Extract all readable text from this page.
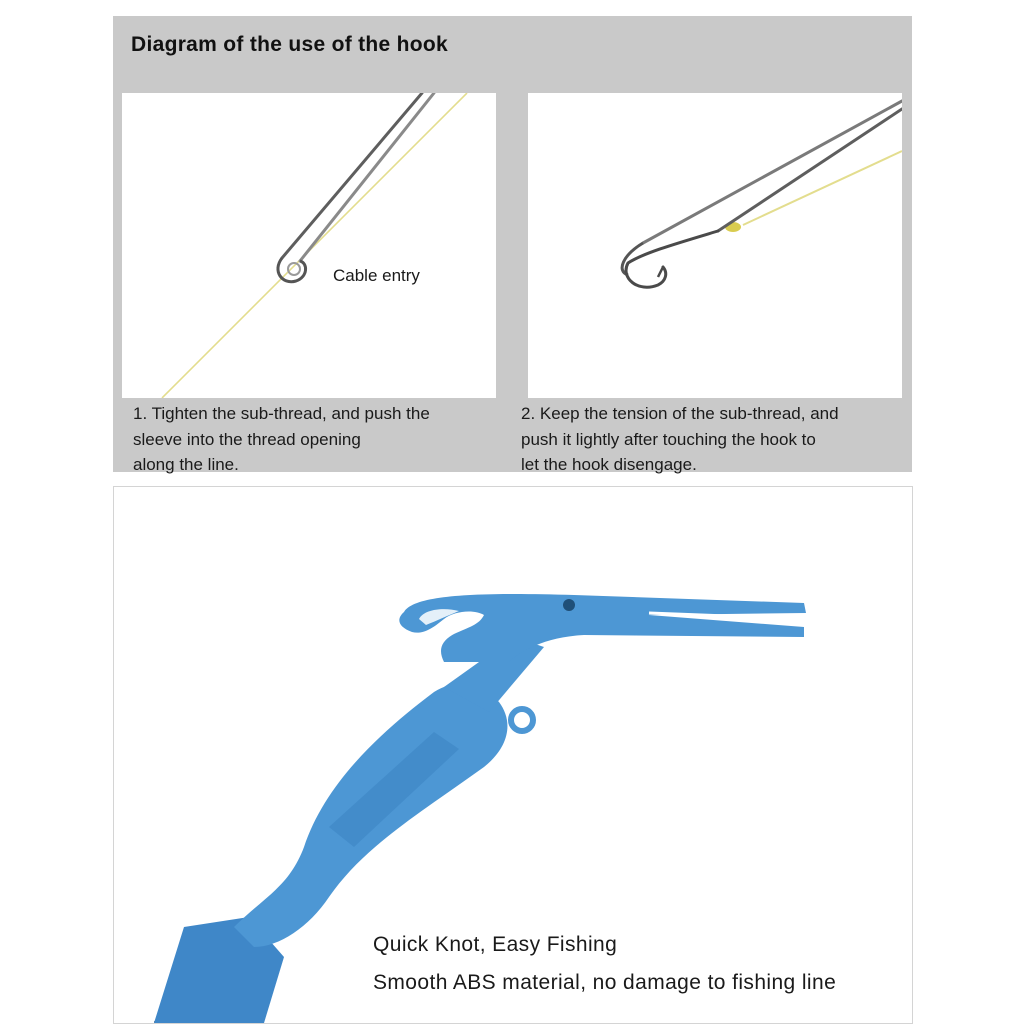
Diagram of the use of the hook
Cable entry
1. Tighten the sub-thread, and push the
sleeve into the thread opening
along the line.
2. Keep the tension of the sub-thread, and
push it lightly after touching the hook to
let the hook disengage.
Quick Knot, Easy Fishing
Smooth ABS material, no damage to fishing line
